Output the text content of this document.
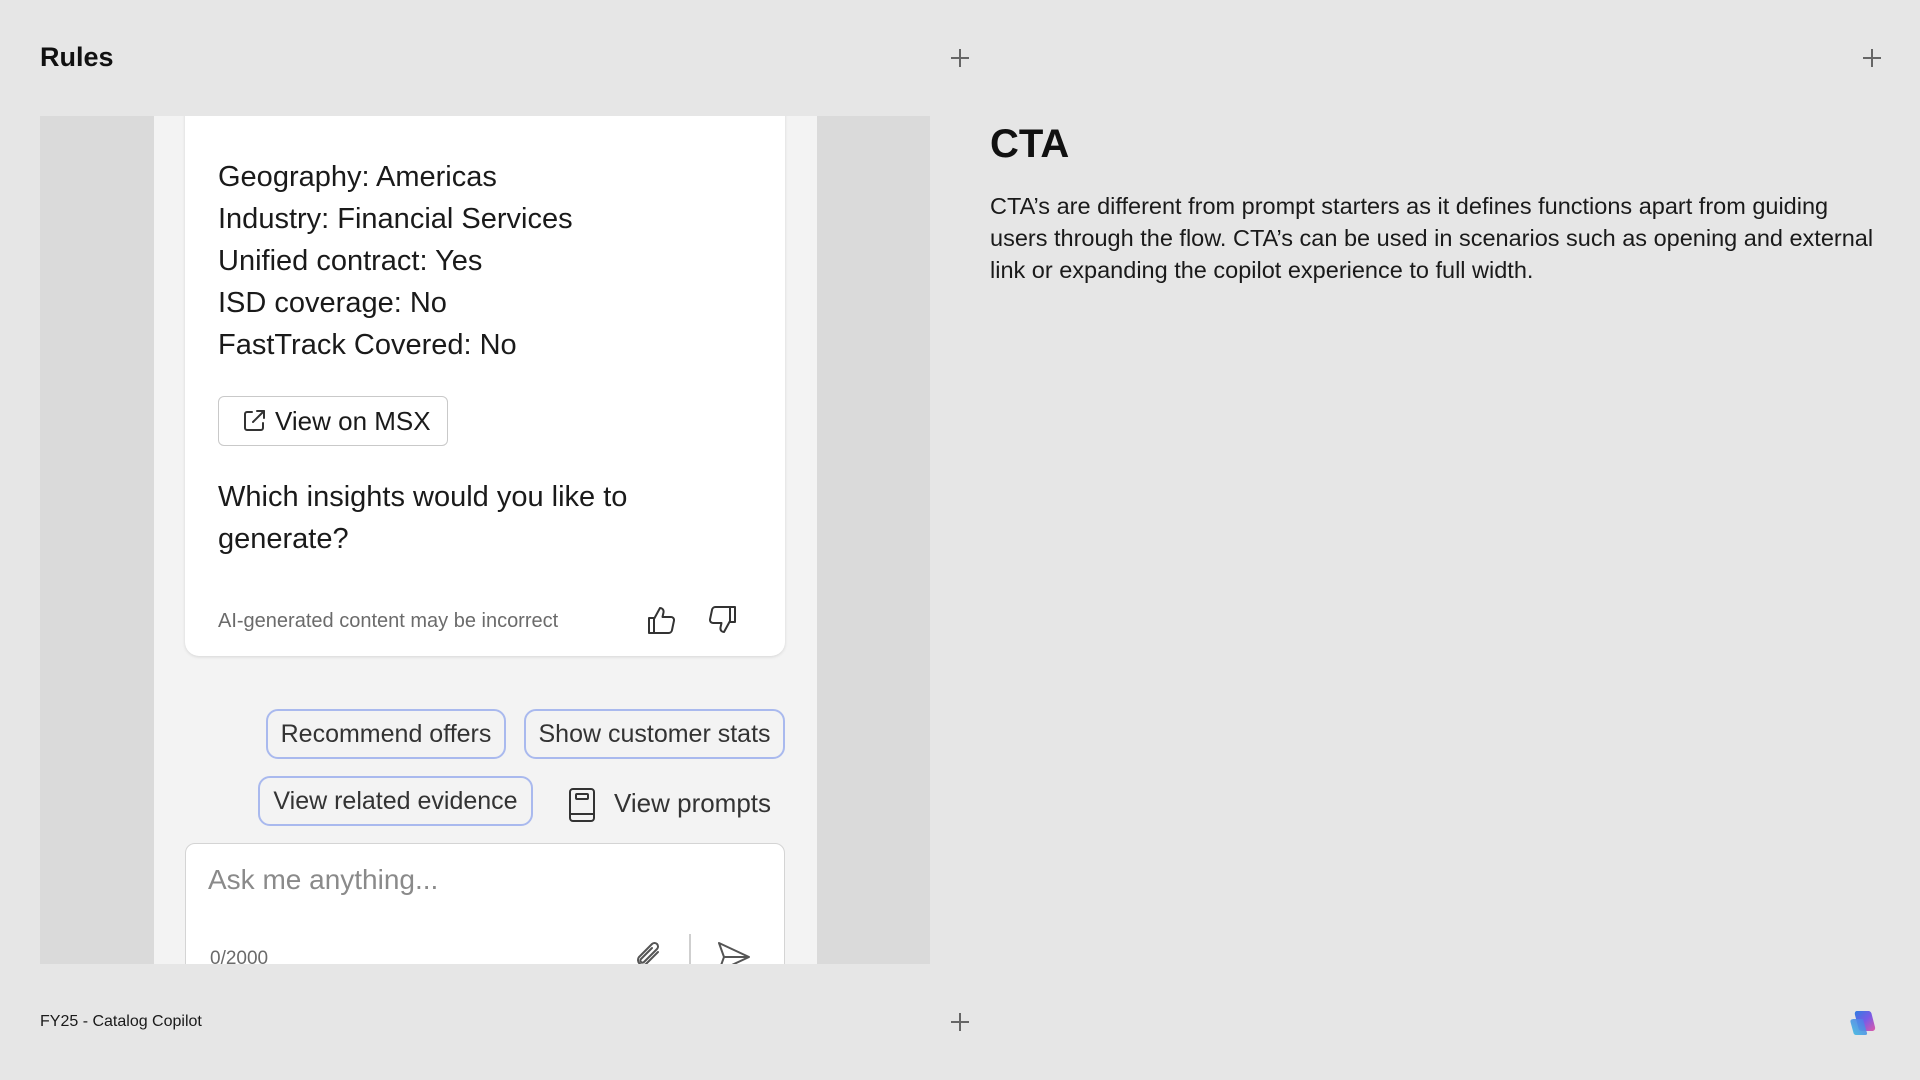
Rules
Geography: Americas
Industry: Financial Services
Unified contract: Yes
ISD coverage: No
FastTrack Covered: No
View on MSX
Which insights would you like to generate?
AI-generated content may be incorrect
Recommend offers	Show customer stats
View related evidence	View prompts
Ask me anything...
0/2000
CTA
CTA’s are different from prompt starters as it defines functions apart from guiding users through the flow. CTA’s can be used in scenarios such as opening and external link or expanding the copilot experience to full width.
FY25 - Catalog Copilot
